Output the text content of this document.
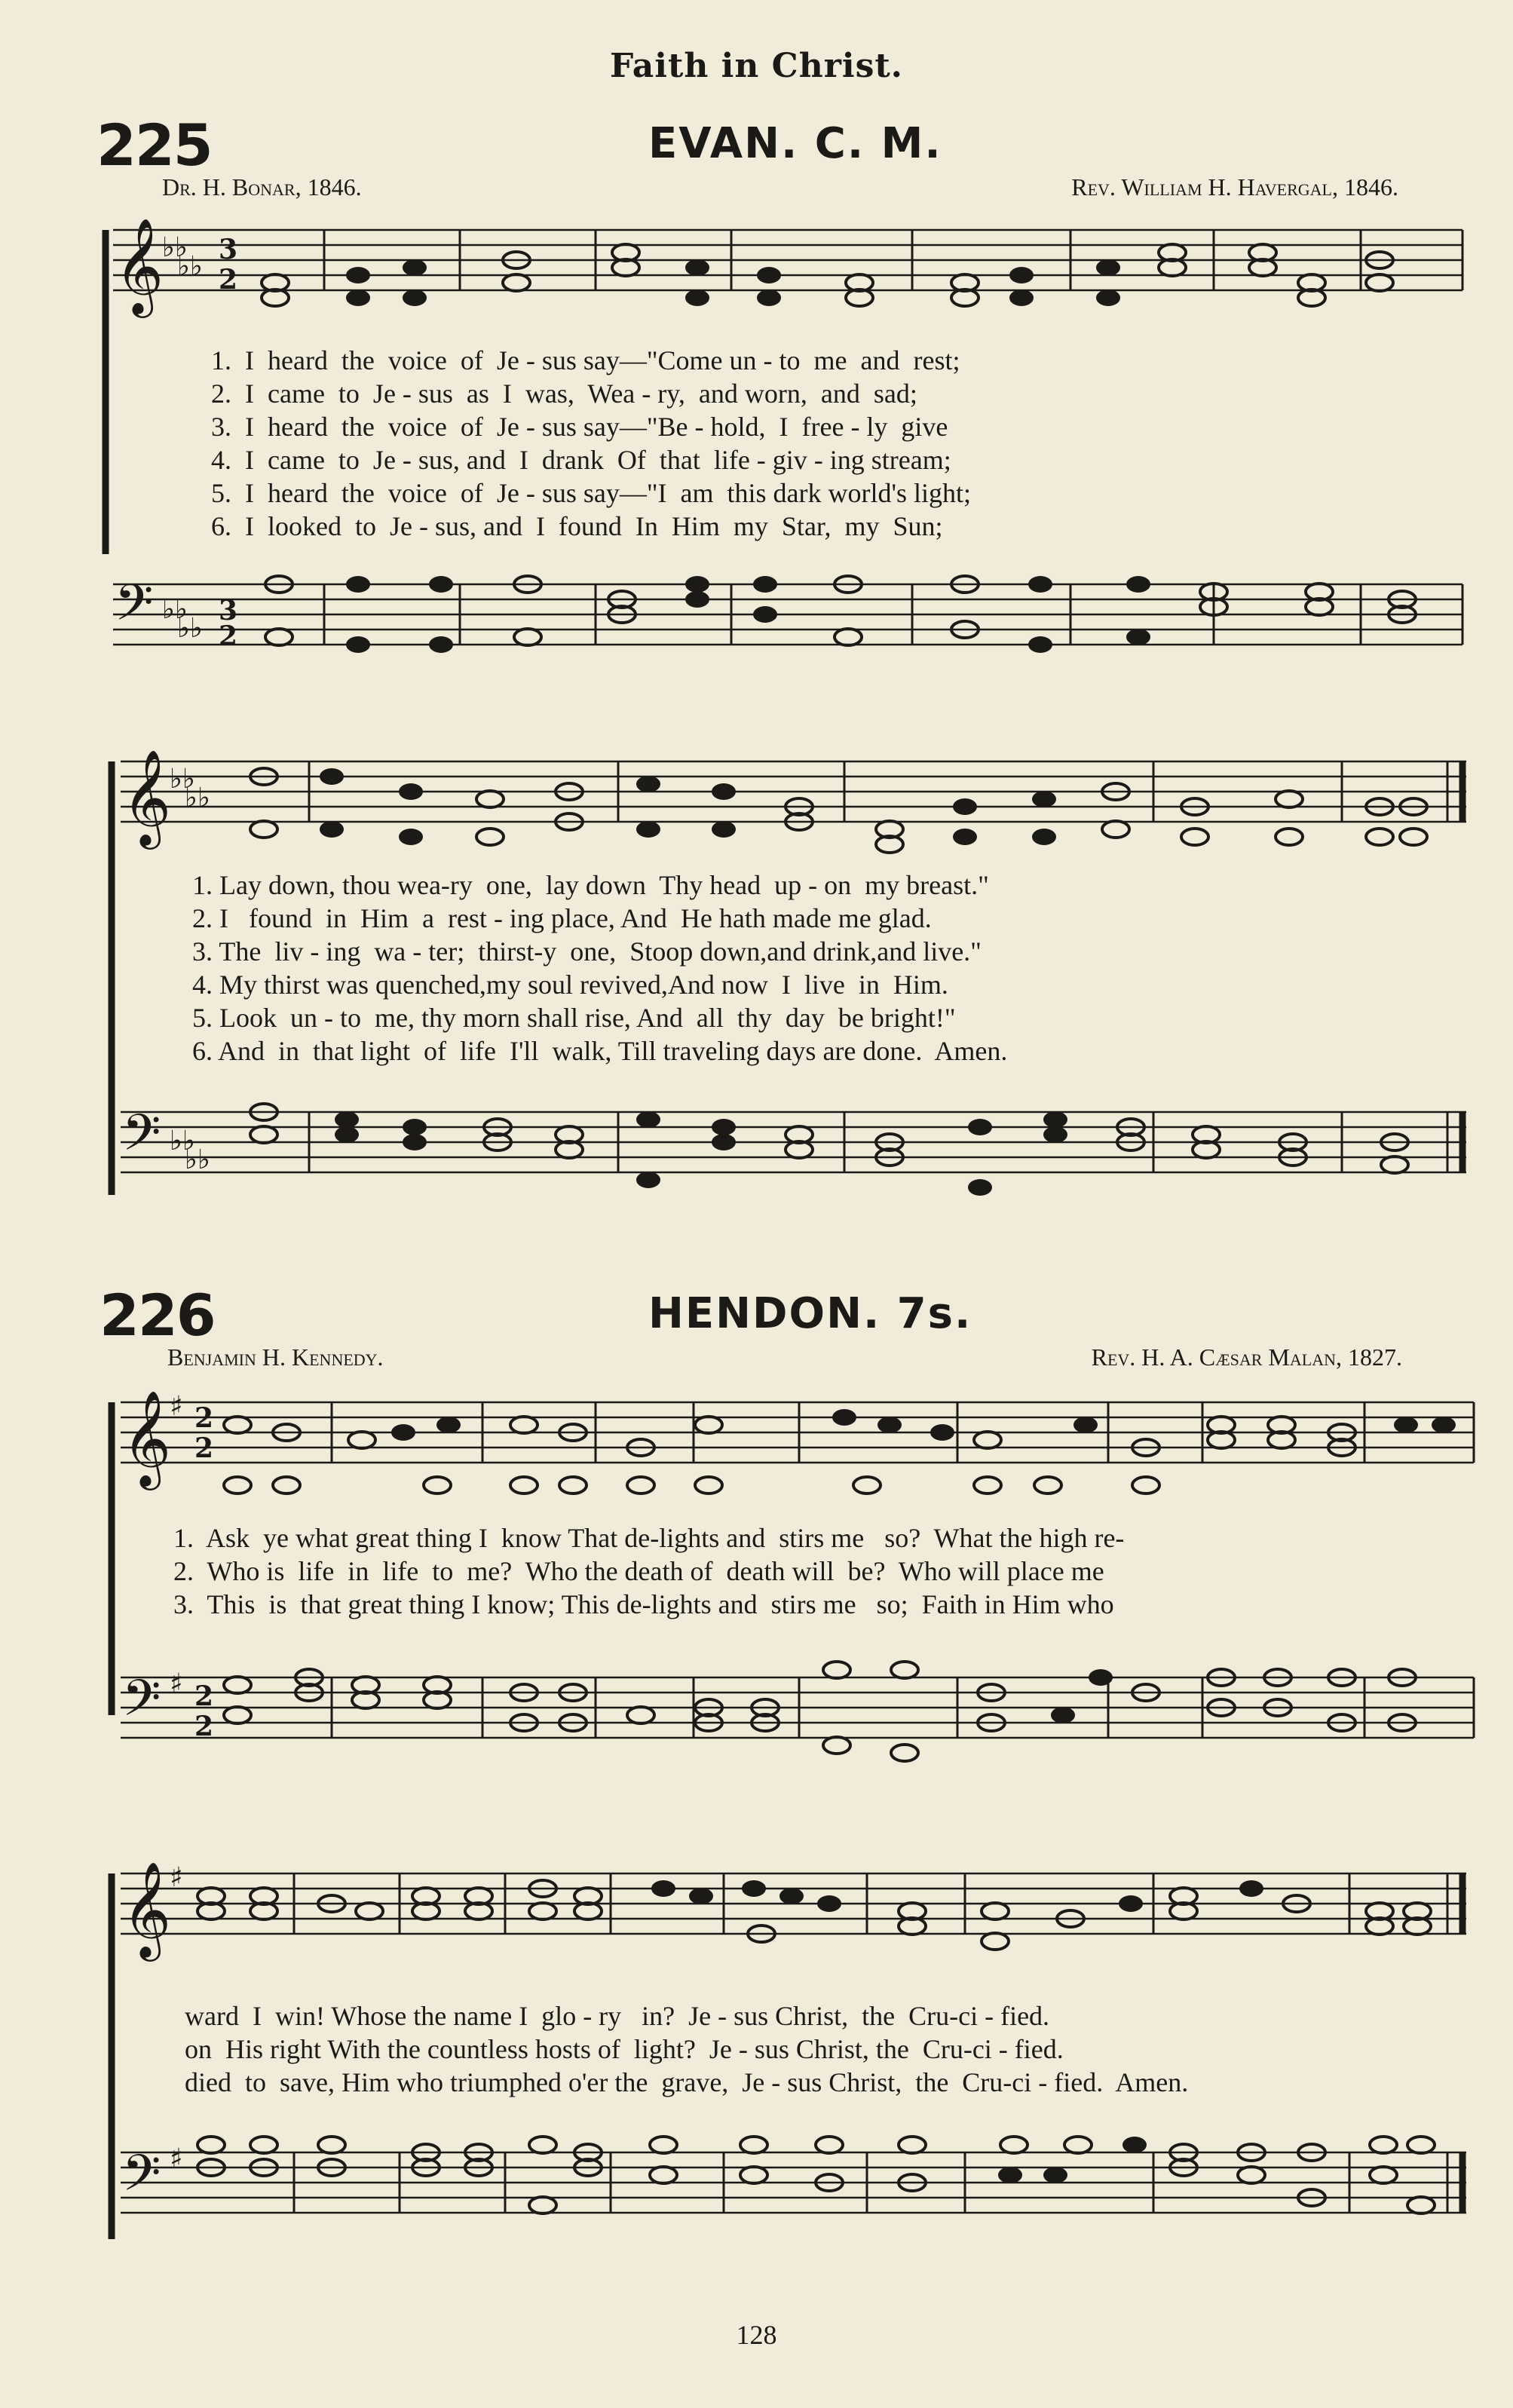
Faith in Christ.
225	EVAN. C. M.
Dr. H. Bonar, 1846.	Rev. William H. Havergal, 1846.
𝄞
♭♭
♭♭
3
2
1.  I  heard  the  voice  of  Je - sus say—"Come un - to  me  and  rest;
2.  I  came  to  Je - sus  as  I  was,  Wea - ry,  and worn,  and  sad;
3.  I  heard  the  voice  of  Je - sus say—"Be - hold,  I  free - ly  give
4.  I  came  to  Je - sus, and  I  drank  Of  that  life - giv - ing stream;
5.  I  heard  the  voice  of  Je - sus say—"I  am  this dark world's light;
6.  I  looked  to  Je - sus, and  I  found  In  Him  my  Star,  my  Sun;
𝄢 ♭♭
♭♭
3
2
𝄞
♭♭
♭♭
1. Lay down, thou wea-ry  one,  lay down  Thy head  up - on  my breast."
2. I   found  in  Him  a  rest - ing place, And  He hath made me glad.
3. The  liv - ing  wa - ter;  thirst-y  one,  Stoop down,and drink,and live."
4. My thirst was quenched,my soul revived,And now  I  live  in  Him.
5. Look  un - to  me, thy morn shall rise, And  all  thy  day  be bright!"
6. And  in  that light  of  life  I'll  walk, Till traveling days are done.  Amen.
𝄢 ♭♭
♭♭
226	HENDON. 7s.
Benjamin H. Kennedy.	Rev. H. A. Cæsar Malan, 1827.
𝄞
♯ 2
2
1.  Ask  ye what great thing I  know That de-lights and  stirs me   so?  What the high re-
2.  Who is  life  in  life  to  me?  Who the death of  death will  be?  Who will place me
3.  This  is  that great thing I know; This de-lights and  stirs me   so;  Faith in Him who
𝄢 ♯ 2
2
𝄞
♯
ward  I  win! Whose the name I  glo - ry   in?  Je - sus Christ,  the  Cru-ci - fied.
on  His right With the countless hosts of  light?  Je - sus Christ, the  Cru-ci - fied.
died  to  save, Him who triumphed o'er the  grave,  Je - sus Christ,  the  Cru-ci - fied.  Amen.
𝄢 ♯
128
